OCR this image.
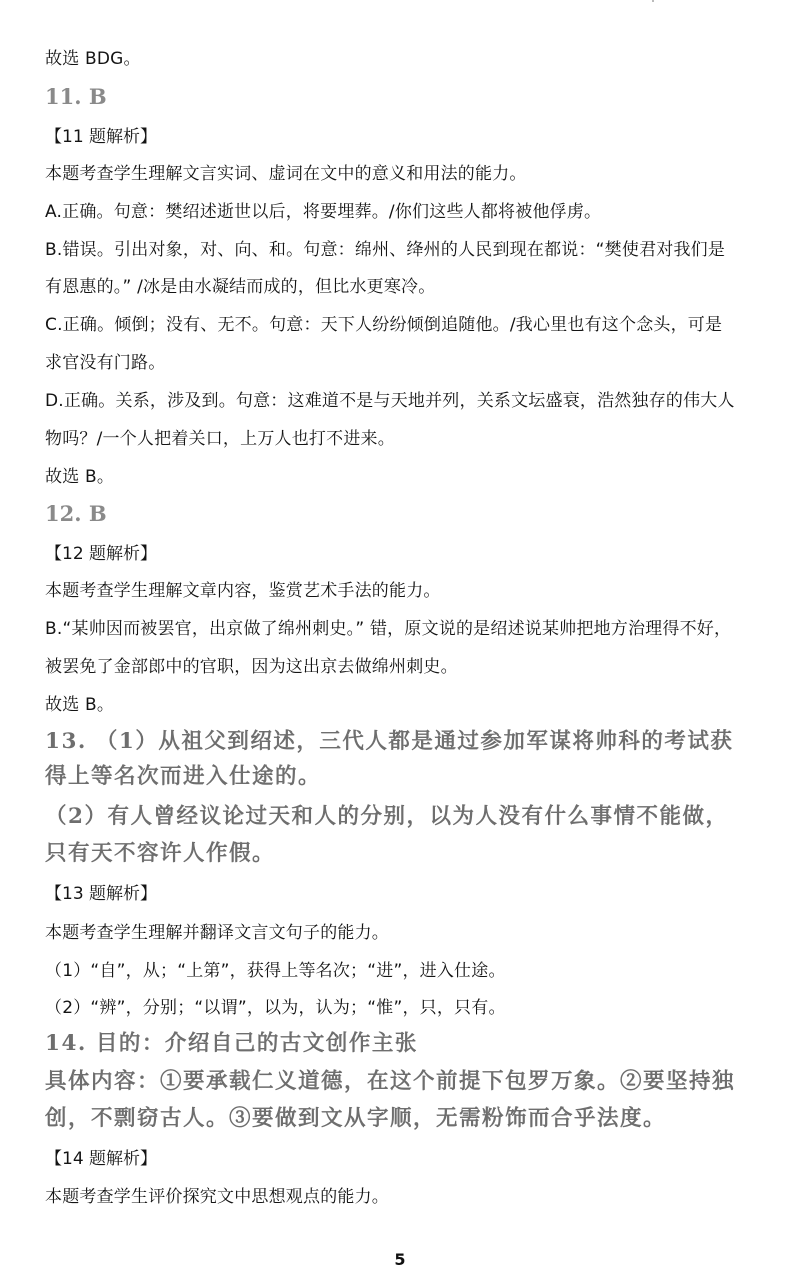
故选 BDG。
11. B
【11 题解析】
本题考查学生理解文言实词、虚词在文中的意义和用法的能力。
A.正确。句意：樊绍述逝世以后，将要埋葬。/你们这些人都将被他俘虏。
B.错误。引出对象，对、向、和。句意：绵州、绛州的人民到现在都说：“樊使君对我们是
有恩惠的。” /冰是由水凝结而成的，但比水更寒冷。
C.正确。倾倒；没有、无不。句意：天下人纷纷倾倒追随他。/我心里也有这个念头，可是
求官没有门路。
D.正确。关系，涉及到。句意：这难道不是与天地并列，关系文坛盛衰，浩然独存的伟大人
物吗？/一个人把着关口，上万人也打不进来。
故选 B。
12. B
【12 题解析】
本题考查学生理解文章内容，鉴赏艺术手法的能力。
B.“某帅因而被罢官，出京做了绵州刺史。” 错，原文说的是绍述说某帅把地方治理得不好，
被罢免了金部郎中的官职，因为这出京去做绵州刺史。
故选 B。
13. （1）从祖父到绍述，三代人都是通过参加军谋将帅科的考试获
得上等名次而进入仕途的。
（2）有人曾经议论过天和人的分别，以为人没有什么事情不能做，
只有天不容许人作假。
【13 题解析】
本题考查学生理解并翻译文言文句子的能力。
（1）“自”，从；“上第”，获得上等名次；“进”，进入仕途。
（2）“辨”，分别；“以谓”，以为，认为；“惟”，只，只有。
14. 目的：介绍自己的古文创作主张
具体内容：①要承载仁义道德，在这个前提下包罗万象。②要坚持独
创，不剽窃古人。③要做到文从字顺，无需粉饰而合乎法度。
【14 题解析】
本题考查学生评价探究文中思想观点的能力。
5
